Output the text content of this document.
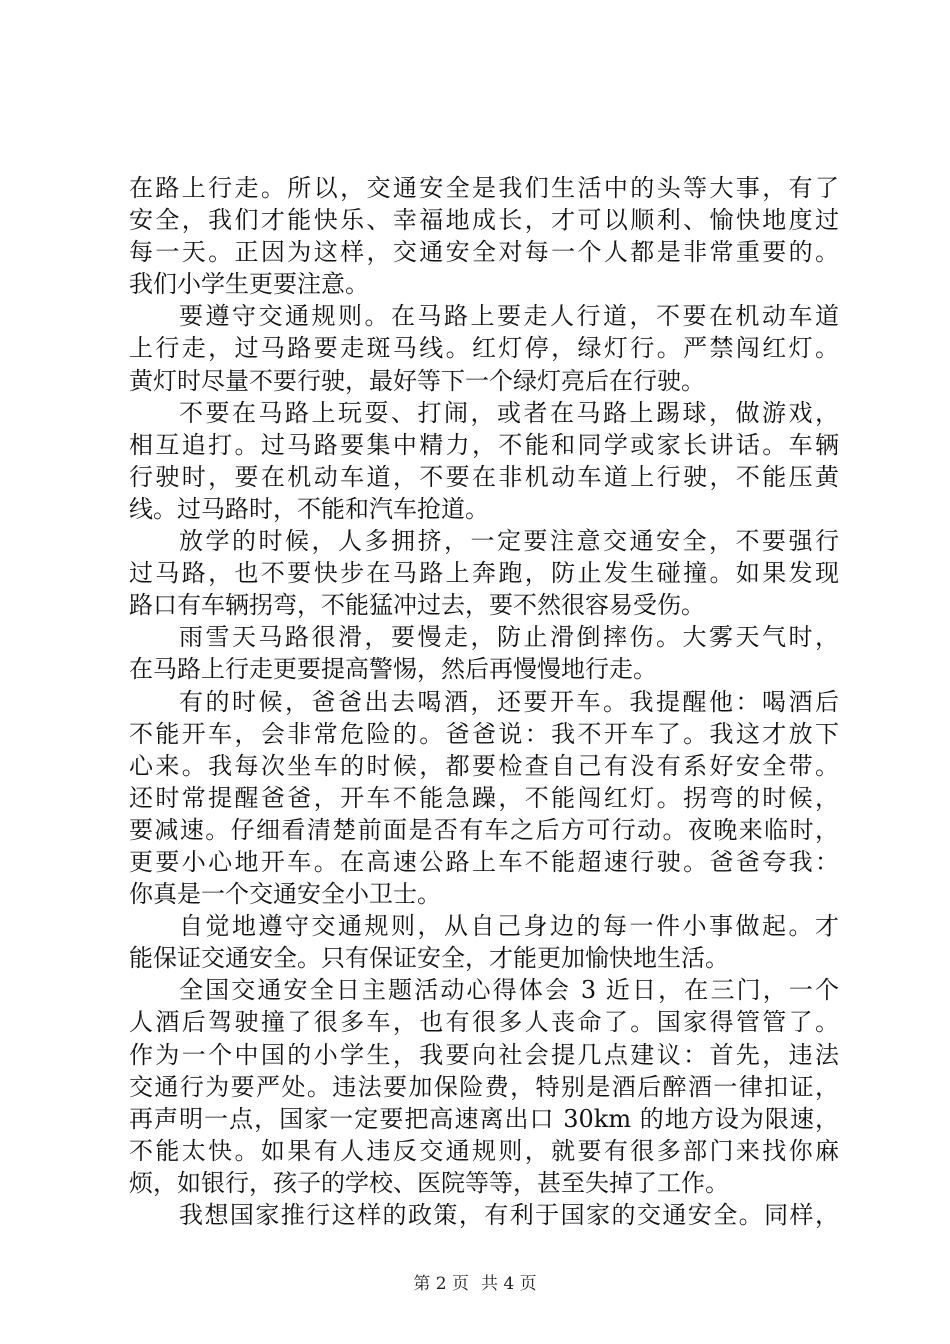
在路上行走。所以，交通安全是我们生活中的头等大事，有了
安全，我们才能快乐、幸福地成长，才可以顺利、愉快地度过
每一天。正因为这样，交通安全对每一个人都是非常重要的。
我们小学生更要注意。
要遵守交通规则。在马路上要走人行道，不要在机动车道
上行走，过马路要走斑马线。红灯停，绿灯行。严禁闯红灯。
黄灯时尽量不要行驶，最好等下一个绿灯亮后在行驶。
不要在马路上玩耍、打闹，或者在马路上踢球，做游戏，
相互追打。过马路要集中精力，不能和同学或家长讲话。车辆
行驶时，要在机动车道，不要在非机动车道上行驶，不能压黄
线。过马路时，不能和汽车抢道。
放学的时候，人多拥挤，一定要注意交通安全，不要强行
过马路，也不要快步在马路上奔跑，防止发生碰撞。如果发现
路口有车辆拐弯，不能猛冲过去，要不然很容易受伤。
雨雪天马路很滑，要慢走，防止滑倒摔伤。大雾天气时，
在马路上行走更要提高警惕，然后再慢慢地行走。
有的时候，爸爸出去喝酒，还要开车。我提醒他：喝酒后
不能开车，会非常危险的。爸爸说：我不开车了。我这才放下
心来。我每次坐车的时候，都要检查自己有没有系好安全带。
还时常提醒爸爸，开车不能急躁，不能闯红灯。拐弯的时候，
要减速。仔细看清楚前面是否有车之后方可行动。夜晚来临时，
更要小心地开车。在高速公路上车不能超速行驶。爸爸夸我：
你真是一个交通安全小卫士。
自觉地遵守交通规则，从自己身边的每一件小事做起。才
能保证交通安全。只有保证安全，才能更加愉快地生活。
全国交通安全日主题活动心得体会 3 近日，在三门，一个
人酒后驾驶撞了很多车，也有很多人丧命了。国家得管管了。
作为一个中国的小学生，我要向社会提几点建议：首先，违法
交通行为要严处。违法要加保险费，特别是酒后醉酒一律扣证，
再声明一点，国家一定要把高速离出口 30km 的地方设为限速，
不能太快。如果有人违反交通规则，就要有很多部门来找你麻
烦，如银行，孩子的学校、医院等等，甚至失掉了工作。
我想国家推行这样的政策，有利于国家的交通安全。同样，
第 2 页 共 4 页
